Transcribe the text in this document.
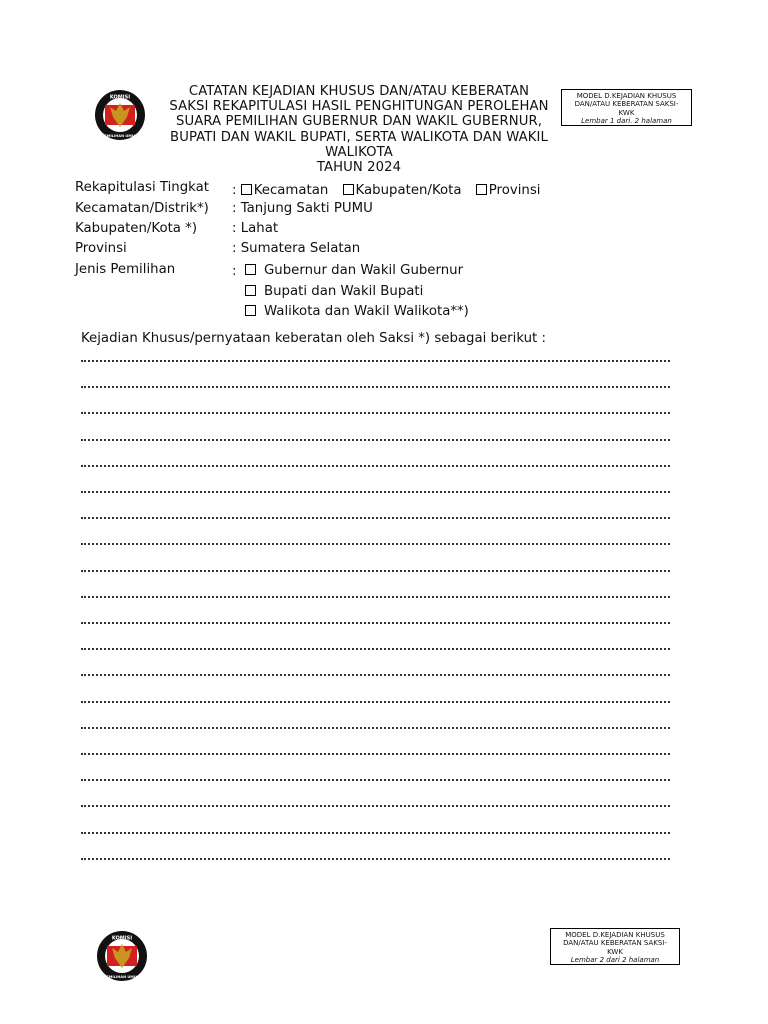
KOMISI
PEMILIHAN UMUM
CATATAN KEJADIAN KHUSUS DAN/ATAU KEBERATAN
SAKSI REKAPITULASI HASIL PENGHITUNGAN PEROLEHAN
SUARA PEMILIHAN GUBERNUR DAN WAKIL GUBERNUR,
BUPATI DAN WAKIL BUPATI, SERTA WALIKOTA DAN WAKIL
WALIKOTA
TAHUN 2024
MODEL D.KEJADIAN KHUSUS
DAN/ATAU KEBERATAN SAKSI-
KWK
Lembar 1 dari. 2 halaman
Rekapitulasi Tingkat : Kecamatan Kabupaten/Kota Provinsi
Kecamatan/Distrik*) : Tanjung Sakti PUMU
Kabupaten/Kota *)	: Lahat
Provinsi	: Sumatera Selatan
Jenis Pemilihan	:	Gubernur dan Wakil Gubernur
Bupati dan Wakil Bupati
Walikota dan Wakil Walikota**)
Kejadian Khusus/pernyataan keberatan oleh Saksi *) sebagai berikut :
KOMISI
PEMILIHAN UMUM
MODEL D.KEJADIAN KHUSUS
DAN/ATAU KEBERATAN SAKSI-
KWK
Lembar 2 dari 2 halaman
